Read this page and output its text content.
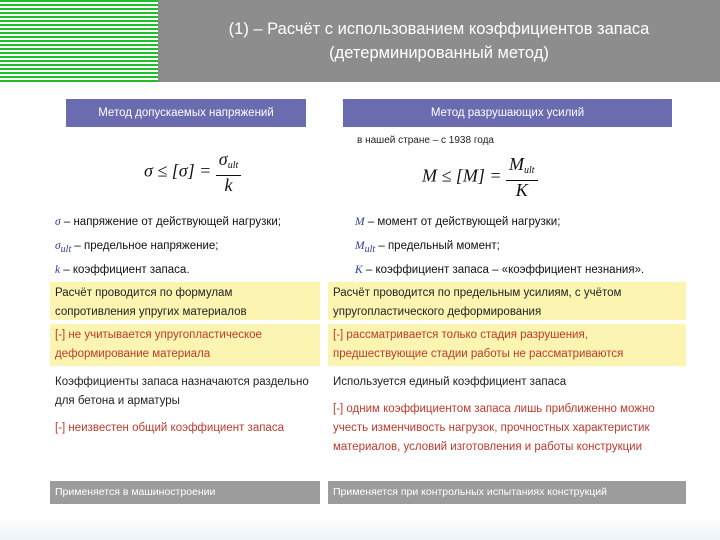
(1) – Расчёт с использованием коэффициентов запаса (детерминированный метод)
Метод допускаемых напряжений	Метод разрушающих усилий
в нашей стране – с 1938 года
$\sigma \le [\sigma] = \frac{\sigma_{ult}}{k}$	$M \le [M] = \frac{M_{ult}}{K}$
σ – напряжение от действующей нагрузки;
σult – предельное напряжение;
k – коэффициент запаса.
M – момент от действующей нагрузки;
Mult – предельный момент;
K – коэффициент запаса – «коэффициент незнания».
Расчёт проводится по формулам сопротивления упругих материалов
Расчёт проводится по предельным усилиям, с учётом упругопластического деформирования
[-] не учитывается упругопластическое деформирование материала
[-] рассматривается только стадия разрушения, предшествующие стадии работы не рассматриваются
Коэффициенты запаса назначаются раздельно для бетона и арматуры
[-] неизвестен общий коэффициент запаса
Используется единый коэффициент запаса
[-] одним коэффициентом запаса лишь приближенно можно учесть изменчивость нагрузок, прочностных характеристик материалов, условий изготовления и работы конструкции
Применяется в машиностроении	Применяется при контрольных испытаниях конструкций
